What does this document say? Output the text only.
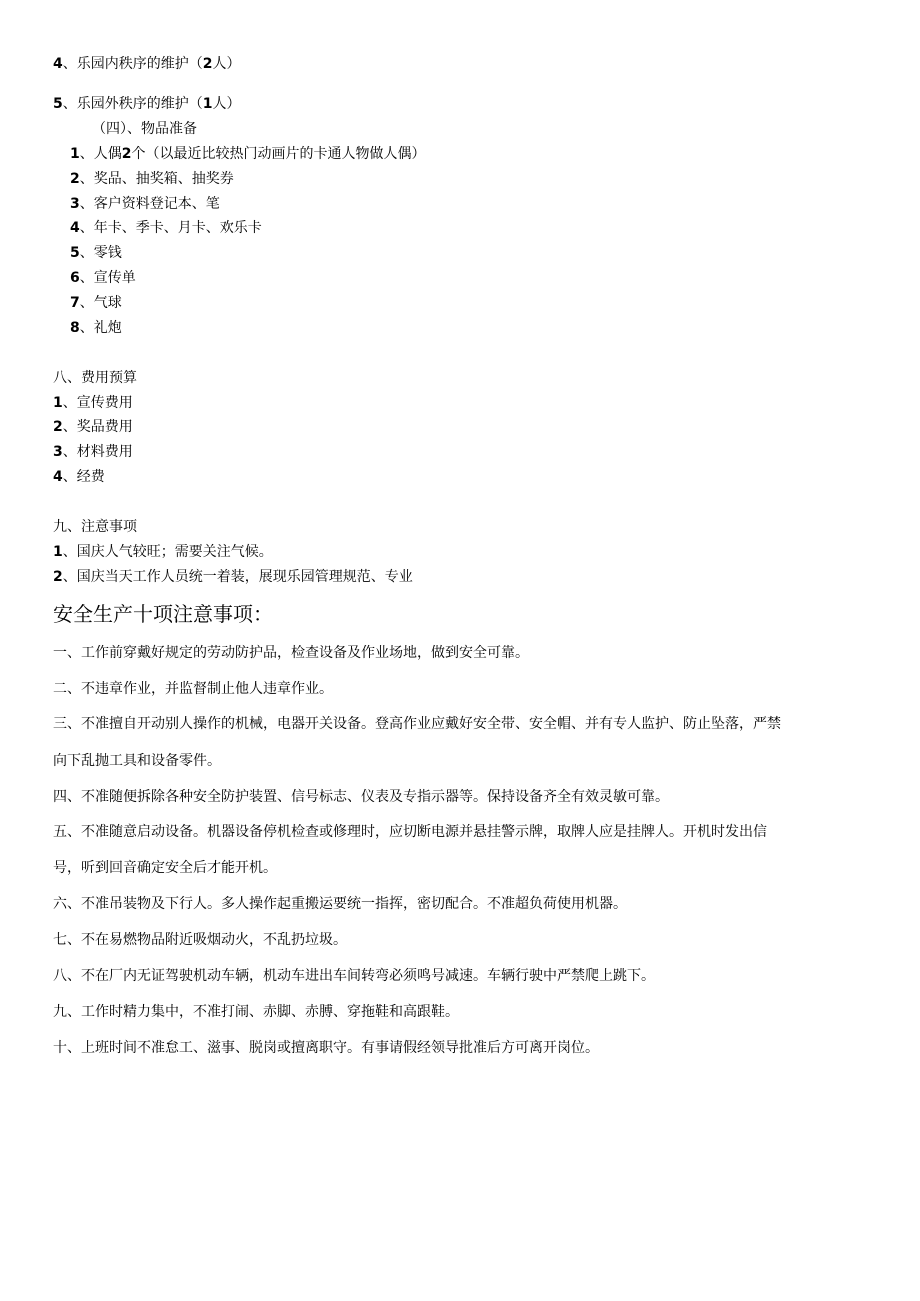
4、乐园内秩序的维护（2人）
5、乐园外秩序的维护（1人）
（四）、物品准备
1、人偶2个（以最近比较热门动画片的卡通人物做人偶）
2、奖品、抽奖箱、抽奖券
3、客户资料登记本、笔
4、年卡、季卡、月卡、欢乐卡
5、零钱
6、宣传单
7、气球
8、礼炮
八、费用预算
1、宣传费用
2、奖品费用
3、材料费用
4、经费
九、注意事项
1、国庆人气较旺；需要关注气候。
2、国庆当天工作人员统一着装，展现乐园管理规范、专业
安全生产十项注意事项：
一、工作前穿戴好规定的劳动防护品，检查设备及作业场地，做到安全可靠。
二、不违章作业，并监督制止他人违章作业。
三、不准擅自开动别人操作的机械，电器开关设备。登高作业应戴好安全带、安全帽、并有专人监护、防止坠落，严禁
向下乱抛工具和设备零件。
四、不准随便拆除各种安全防护装置、信号标志、仪表及专指示器等。保持设备齐全有效灵敏可靠。
五、不准随意启动设备。机器设备停机检查或修理时，应切断电源并悬挂警示牌，取牌人应是挂牌人。开机时发出信
号，听到回音确定安全后才能开机。
六、不准吊装物及下行人。多人操作起重搬运要统一指挥，密切配合。不准超负荷使用机器。
七、不在易燃物品附近吸烟动火，不乱扔垃圾。
八、不在厂内无证驾驶机动车辆，机动车进出车间转弯必须鸣号减速。车辆行驶中严禁爬上跳下。
九、工作时精力集中，不准打闹、赤脚、赤膊、穿拖鞋和高跟鞋。
十、上班时间不准怠工、滋事、脱岗或擅离职守。有事请假经领导批准后方可离开岗位。
